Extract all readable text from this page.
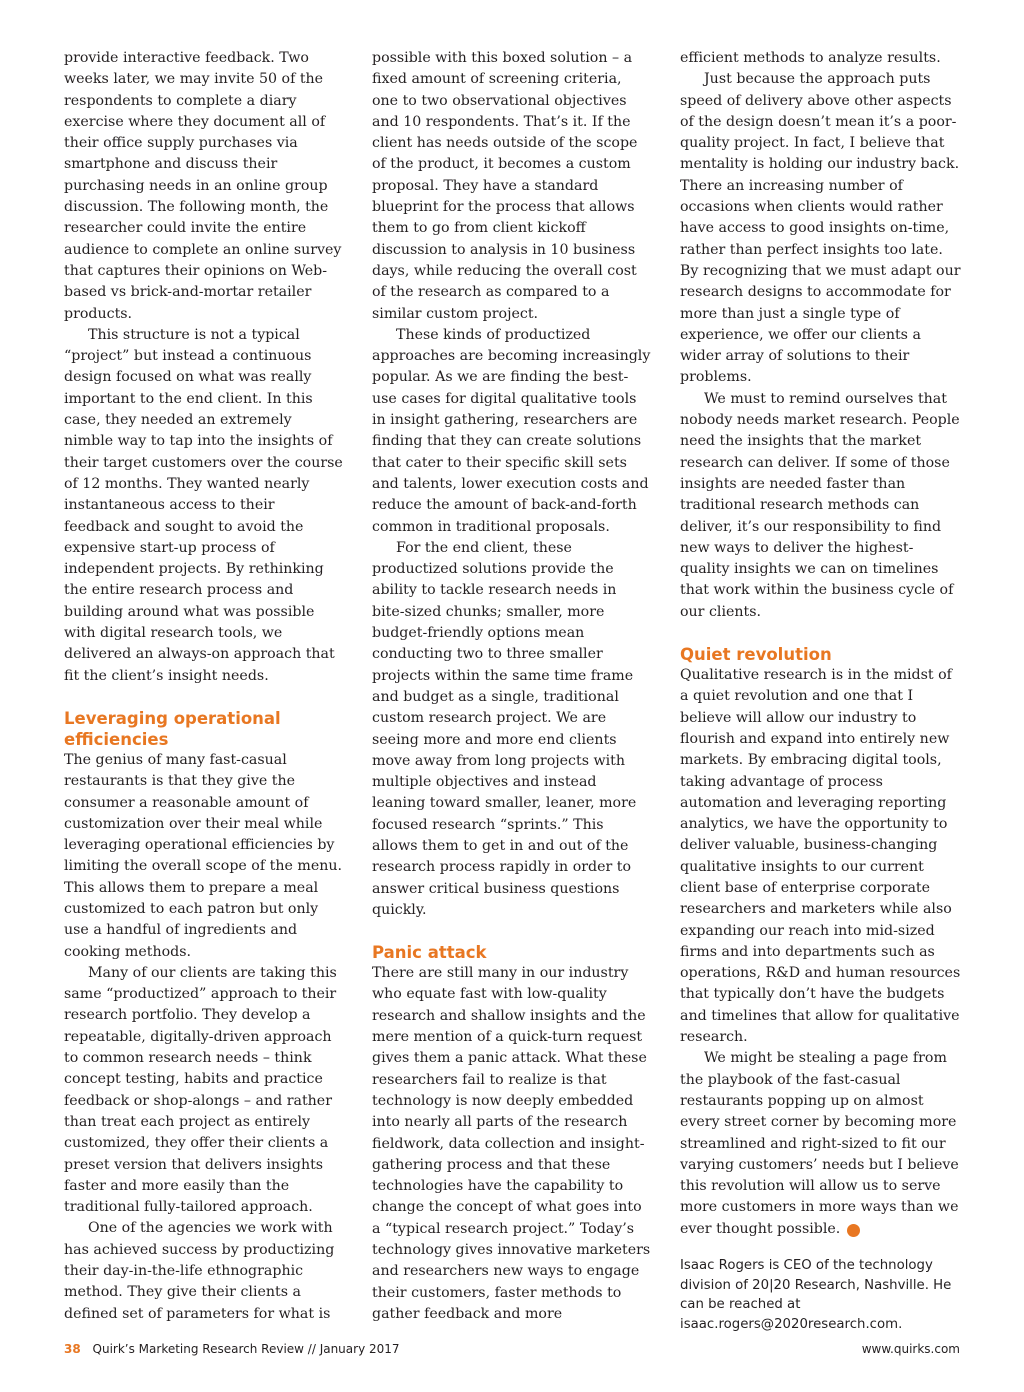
provide interactive feedback. Two weeks later, we may invite 50 of the respondents to complete a diary exercise where they document all of their office supply purchases via smartphone and discuss their purchasing needs in an online group discussion. The following month, the researcher could invite the entire audience to complete an online survey that captures their opinions on Web-based vs brick-and-mortar retailer products.

This structure is not a typical “project” but instead a continuous design focused on what was really important to the end client. In this case, they needed an extremely nimble way to tap into the insights of their target customers over the course of 12 months. They wanted nearly instantaneous access to their feedback and sought to avoid the expensive start-up process of independent projects. By rethinking the entire research process and building around what was possible with digital research tools, we delivered an always-on approach that fit the client’s insight needs.

Leveraging operational efficiencies

The genius of many fast-casual restaurants is that they give the consumer a reasonable amount of customization over their meal while leveraging operational efficiencies by limiting the overall scope of the menu. This allows them to prepare a meal customized to each patron but only use a handful of ingredients and cooking methods.

Many of our clients are taking this same “productized” approach to their research portfolio. They develop a repeatable, digitally-driven approach to common research needs – think concept testing, habits and practice feedback or shop-alongs – and rather than treat each project as entirely customized, they offer their clients a preset version that delivers insights faster and more easily than the traditional fully-tailored approach.

One of the agencies we work with has achieved success by productizing their day-in-the-life ethnographic method. They give their clients a defined set of parameters for what is

possible with this boxed solution – a fixed amount of screening criteria, one to two observational objectives and 10 respondents. That’s it. If the client has needs outside of the scope of the product, it becomes a custom proposal. They have a standard blueprint for the process that allows them to go from client kickoff discussion to analysis in 10 business days, while reducing the overall cost of the research as compared to a similar custom project.

These kinds of productized approaches are becoming increasingly popular. As we are finding the best-use cases for digital qualitative tools in insight gathering, researchers are finding that they can create solutions that cater to their specific skill sets and talents, lower execution costs and reduce the amount of back-and-forth common in traditional proposals.

For the end client, these productized solutions provide the ability to tackle research needs in bite-sized chunks; smaller, more budget-friendly options mean conducting two to three smaller projects within the same time frame and budget as a single, traditional custom research project. We are seeing more and more end clients move away from long projects with multiple objectives and instead leaning toward smaller, leaner, more focused research “sprints.” This allows them to get in and out of the research process rapidly in order to answer critical business questions quickly.

Panic attack

There are still many in our industry who equate fast with low-quality research and shallow insights and the mere mention of a quick-turn request gives them a panic attack. What these researchers fail to realize is that technology is now deeply embedded into nearly all parts of the research fieldwork, data collection and insight-gathering process and that these technologies have the capability to change the concept of what goes into a “typical research project.” Today’s technology gives innovative marketers and researchers new ways to engage their customers, faster methods to gather feedback and more

efficient methods to analyze results.

Just because the approach puts speed of delivery above other aspects of the design doesn’t mean it’s a poor-quality project. In fact, I believe that mentality is holding our industry back. There an increasing number of occasions when clients would rather have access to good insights on-time, rather than perfect insights too late. By recognizing that we must adapt our research designs to accommodate for more than just a single type of experience, we offer our clients a wider array of solutions to their problems.

We must to remind ourselves that nobody needs market research. People need the insights that the market research can deliver. If some of those insights are needed faster than traditional research methods can deliver, it’s our responsibility to find new ways to deliver the highest-quality insights we can on timelines that work within the business cycle of our clients.

Quiet revolution

Qualitative research is in the midst of a quiet revolution and one that I believe will allow our industry to flourish and expand into entirely new markets. By embracing digital tools, taking advantage of process automation and leveraging reporting analytics, we have the opportunity to deliver valuable, business-changing qualitative insights to our current client base of enterprise corporate researchers and marketers while also expanding our reach into mid-sized firms and into departments such as operations, R&D and human resources that typically don’t have the budgets and timelines that allow for qualitative research.

We might be stealing a page from the playbook of the fast-casual restaurants popping up on almost every street corner by becoming more streamlined and right-sized to fit our varying customers’ needs but I believe this revolution will allow us to serve more customers in more ways than we ever thought possible.	Q

Isaac Rogers is CEO of the technology division of 20|20 Research, Nashville. He can be reached at isaac.rogers@2020research.com.

38 Quirk’s Marketing Research Review // January 2017	www.quirks.com
